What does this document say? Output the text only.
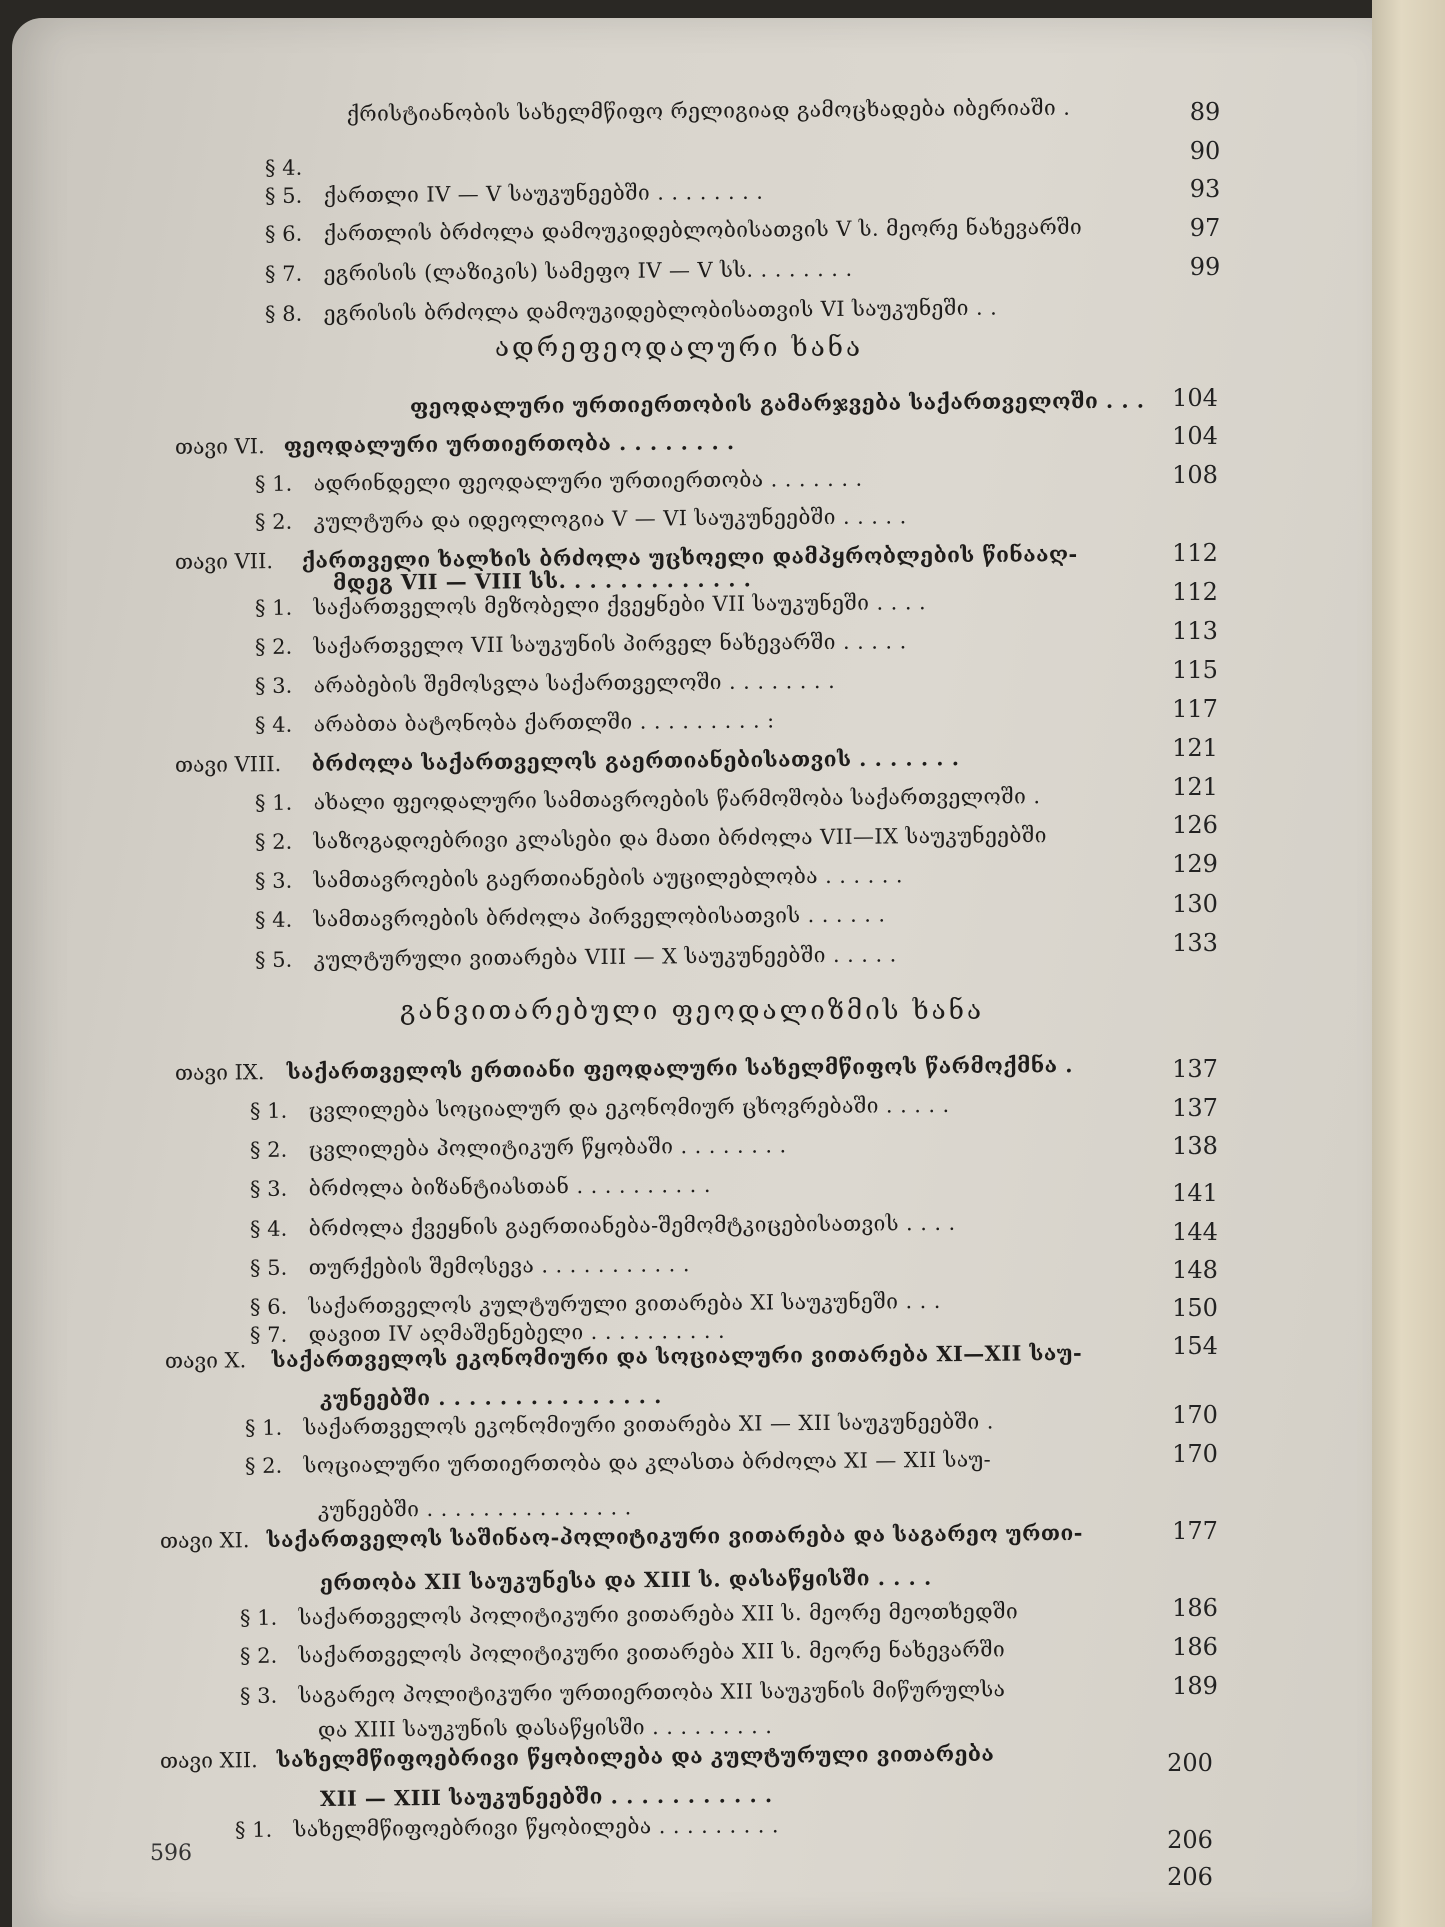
ქრისტიანობის სახელმწიფო რელიგიად გამოცხადება იბერიაში .
§ 4.
§ 5. ქართლი IV — V საუკუნეებში . . . . . . . .
§ 6. ქართლის ბრძოლა დამოუკიდებლობისათვის V ს. მეორე ნახევარში
§ 7. ეგრისის (ლაზიკის) სამეფო IV — V სს. . . . . . . .
§ 8. ეგრისის ბრძოლა დამოუკიდებლობისათვის VI საუკუნეში . .
ადრეფეოდალური ხანა
ფეოდალური ურთიერთობის გამარჯვება საქართველოში . . .
თავი VI. ფეოდალური ურთიერთობა . . . . . . . .
§ 1. ადრინდელი ფეოდალური ურთიერთობა . . . . . . .
§ 2. კულტურა და იდეოლოგია V — VI საუკუნეებში . . . . .
თავი VII. ქართველი ხალხის ბრძოლა უცხოელი დამპყრობლების წინააღ-
მდეგ VII — VIII სს. . . . . . . . . . . . .
§ 1. საქართველოს მეზობელი ქვეყნები VII საუკუნეში . . . .
§ 2. საქართველო VII საუკუნის პირველ ნახევარში . . . . .
§ 3. არაბების შემოსვლა საქართველოში . . . . . . . .
§ 4. არაბთა ბატონობა ქართლში . . . . . . . . . :
თავი VIII. ბრძოლა საქართველოს გაერთიანებისათვის . . . . . . .
§ 1. ახალი ფეოდალური სამთავროების წარმოშობა საქართველოში .
§ 2. საზოგადოებრივი კლასები და მათი ბრძოლა VII—IX საუკუნეებში
§ 3. სამთავროების გაერთიანების აუცილებლობა . . . . . .
§ 4. სამთავროების ბრძოლა პირველობისათვის . . . . . .
§ 5. კულტურული ვითარება VIII — X საუკუნეებში . . . . .
განვითარებული ფეოდალიზმის ხანა
თავი IX. საქართველოს ერთიანი ფეოდალური სახელმწიფოს წარმოქმნა .
§ 1. ცვლილება სოციალურ და ეკონომიურ ცხოვრებაში . . . . .
§ 2. ცვლილება პოლიტიკურ წყობაში . . . . . . . .
§ 3. ბრძოლა ბიზანტიასთან . . . . . . . . . .
§ 4. ბრძოლა ქვეყნის გაერთიანება-შემომტკიცებისათვის . . . .
§ 5. თურქების შემოსევა . . . . . . . . . . .
§ 6. საქართველოს კულტურული ვითარება XI საუკუნეში . . .
§ 7. დავით IV აღმაშენებელი . . . . . . . . . .
თავი X. საქართველოს ეკონომიური და სოციალური ვითარება XI—XII საუ-
კუნეებში . . . . . . . . . . . . . . .
§ 1. საქართველოს ეკონომიური ვითარება XI — XII საუკუნეებში .
§ 2. სოციალური ურთიერთობა და კლასთა ბრძოლა XI — XII საუ-
კუნეებში . . . . . . . . . . . . . . .
თავი XI. საქართველოს საშინაო-პოლიტიკური ვითარება და საგარეო ურთი-
ერთობა XII საუკუნესა და XIII ს. დასაწყისში . . . .
§ 1. საქართველოს პოლიტიკური ვითარება XII ს. მეორე მეოთხედში
§ 2. საქართველოს პოლიტიკური ვითარება XII ს. მეორე ნახევარში
§ 3. საგარეო პოლიტიკური ურთიერთობა XII საუკუნის მიწურულსა
და XIII საუკუნის დასაწყისში . . . . . . . . .
თავი XII. სახელმწიფოებრივი წყობილება და კულტურული ვითარება
XII — XIII საუკუნეებში . . . . . . . . . . .
§ 1. სახელმწიფოებრივი წყობილება . . . . . . . . .
89
90
93
97
99
104
104
108
112
112
113
115
117
121
121
126
129
130
133
137
137
138
141
144
148
150
154
170
170
177
186
186
189
200
206
206
596
